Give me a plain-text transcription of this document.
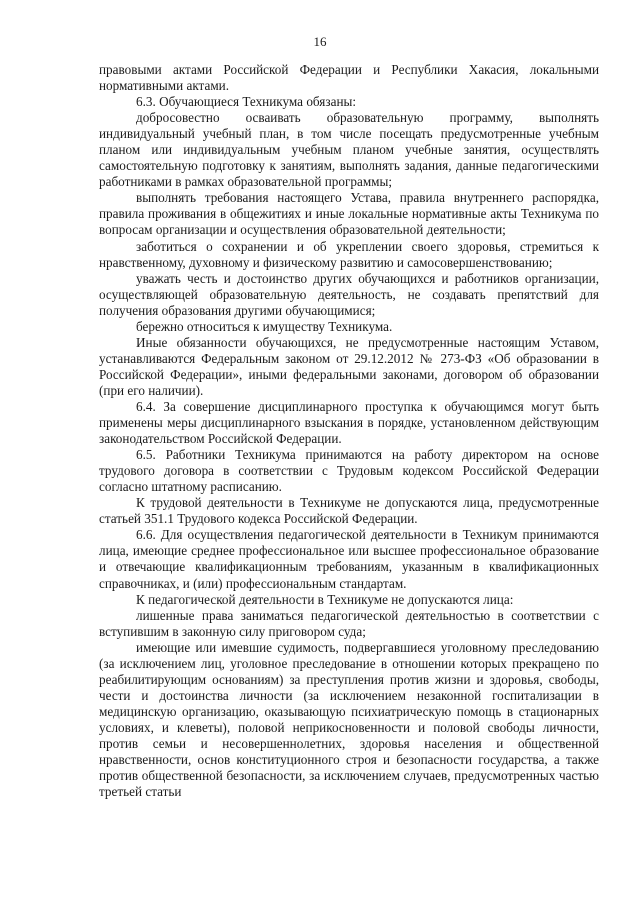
16

правовыми актами Российской Федерации и Республики Хакасия, локальными нормативными актами.

6.3. Обучающиеся Техникума обязаны:

добросовестно осваивать образовательную программу, выполнять индивидуальный учебный план, в том числе посещать предусмотренные учебным планом или индивидуальным учебным планом учебные занятия, осуществлять самостоятельную подготовку к занятиям, выполнять задания, данные педагогическими работниками в рамках образовательной программы;

выполнять требования настоящего Устава, правила внутреннего распорядка, правила проживания в общежитиях и иные локальные нормативные акты Техникума по вопросам организации и осуществления образовательной деятельности;

заботиться о сохранении и об укреплении своего здоровья, стремиться к нравственному, духовному и физическому развитию и самосовершенствованию;

уважать честь и достоинство других обучающихся и работников организации, осуществляющей образовательную деятельность, не создавать препятствий для получения образования другими обучающимися;

бережно относиться к имуществу Техникума.

Иные обязанности обучающихся, не предусмотренные настоящим Уставом, устанавливаются Федеральным законом от 29.12.2012 № 273-ФЗ «Об образовании в Российской Федерации», иными федеральными законами, договором об образовании (при его наличии).

6.4. За совершение дисциплинарного проступка к обучающимся могут быть применены меры дисциплинарного взыскания в порядке, установленном действующим законодательством Российской Федерации.

6.5. Работники Техникума принимаются на работу директором на основе трудового договора в соответствии с Трудовым кодексом Российской Федерации согласно штатному расписанию.

К трудовой деятельности в Техникуме не допускаются лица, предусмотренные статьей 351.1 Трудового кодекса Российской Федерации.

6.6. Для осуществления педагогической деятельности в Техникум принимаются лица, имеющие среднее профессиональное или высшее профессиональное образование и отвечающие квалификационным требованиям, указанным в квалификационных справочниках, и (или) профессиональным стандартам.

К педагогической деятельности в Техникуме не допускаются лица:

лишенные права заниматься педагогической деятельностью в соответствии с вступившим в законную силу приговором суда;

имеющие или имевшие судимость, подвергавшиеся уголовному преследованию (за исключением лиц, уголовное преследование в отношении которых прекращено по реабилитирующим основаниям) за преступления против жизни и здоровья, свободы, чести и достоинства личности (за исключением незаконной госпитализации в медицинскую организацию, оказывающую психиатрическую помощь в стационарных условиях, и клеветы), половой неприкосновенности и половой свободы личности, против семьи и несовершеннолетних, здоровья населения и общественной нравственности, основ конституционного строя и безопасности государства, а также против общественной безопасности, за исключением случаев, предусмотренных частью третьей статьи
